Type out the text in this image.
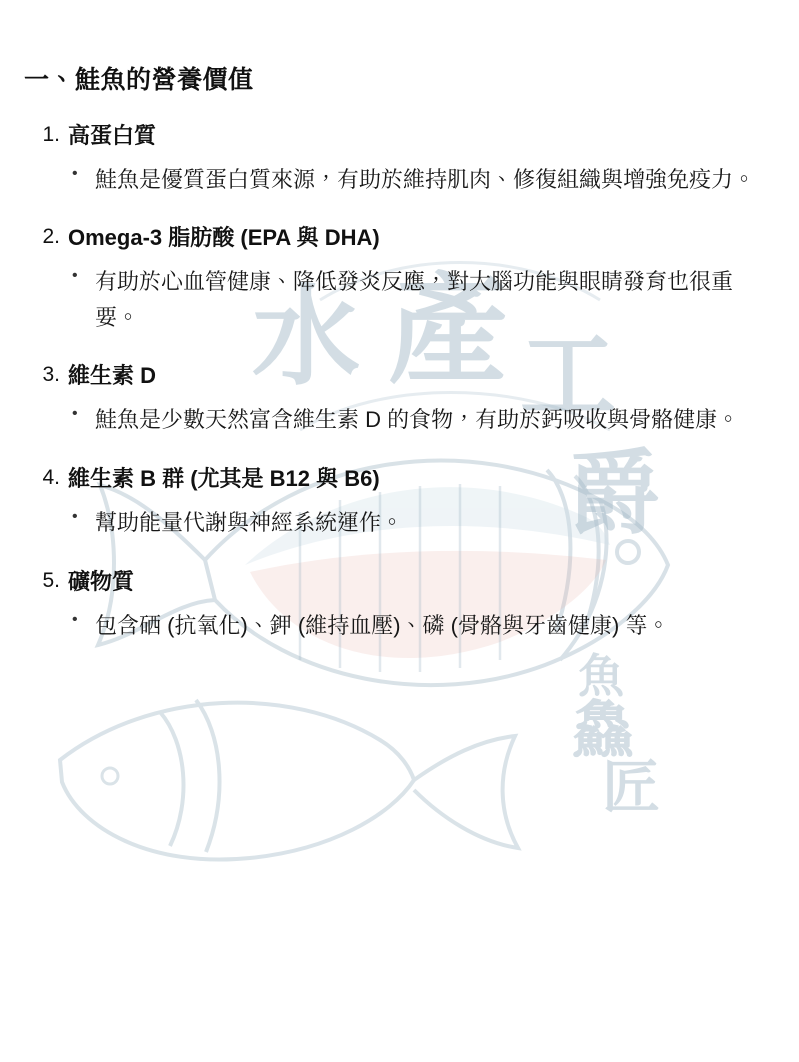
水 產 工
爵
魚
鱻
匠
一、鮭魚的營養價值
1. 高蛋白質
• 鮭魚是優質蛋白質來源，有助於維持肌肉、修復組織與增強免疫力。
2. Omega-3 脂肪酸 (EPA 與 DHA)
• 有助於心血管健康、降低發炎反應，對大腦功能與眼睛發育也很重要。
3. 維生素 D
• 鮭魚是少數天然富含維生素 D 的食物，有助於鈣吸收與骨骼健康。
4. 維生素 B 群 (尤其是 B12 與 B6)
• 幫助能量代謝與神經系統運作。
5. 礦物質
• 包含硒 (抗氧化)、鉀 (維持血壓)、磷 (骨骼與牙齒健康) 等。
